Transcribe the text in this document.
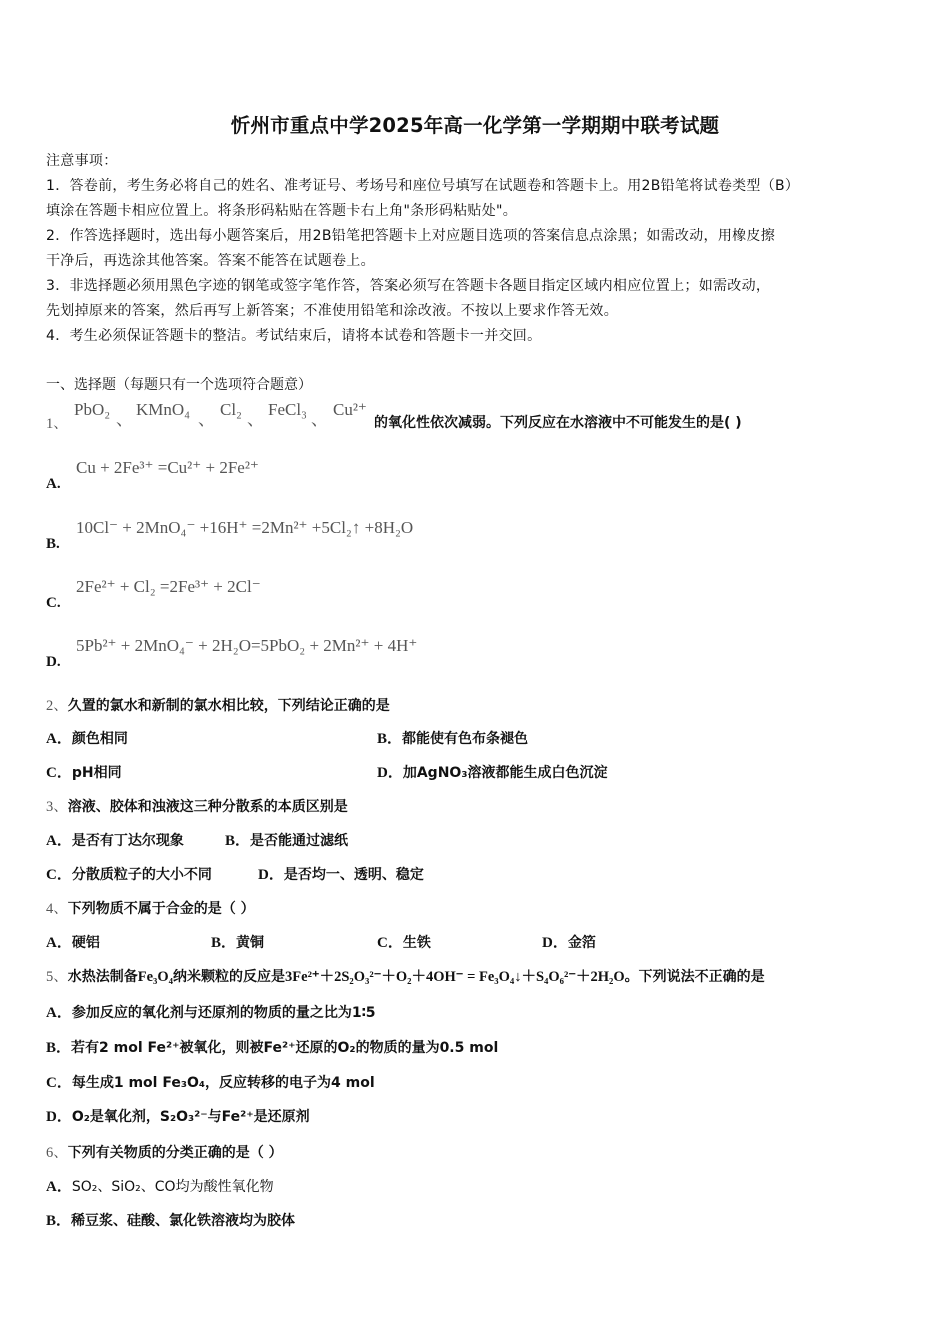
忻州市重点中学2025年高一化学第一学期期中联考试题
注意事项：
1．答卷前，考生务必将自己的姓名、准考证号、考场号和座位号填写在试题卷和答题卡上。用2B铅笔将试卷类型（B）
填涂在答题卡相应位置上。将条形码粘贴在答题卡右上角"条形码粘贴处"。
2．作答选择题时，选出每小题答案后，用2B铅笔把答题卡上对应题目选项的答案信息点涂黑；如需改动，用橡皮擦
干净后，再选涂其他答案。答案不能答在试题卷上。
3．非选择题必须用黑色字迹的钢笔或签字笔作答，答案必须写在答题卡各题目指定区域内相应位置上；如需改动，
先划掉原来的答案，然后再写上新答案；不准使用铅笔和涂改液。不按以上要求作答无效。
4．考生必须保证答题卡的整洁。考试结束后，请将本试卷和答题卡一并交回。
一、选择题（每题只有一个选项符合题意）
1、
PbO₂
、
KMnO₄
、
Cl₂
、
FeCl₃
、
Cu²⁺
的氧化性依次减弱。下列反应在水溶液中不可能发生的是( )
A.
Cu + 2Fe³⁺ =Cu²⁺ + 2Fe²⁺
B.
10Cl⁻ + 2MnO₄⁻ +16H⁺ =2Mn²⁺ +5Cl₂↑ +8H₂O
C.
2Fe²⁺ + Cl₂ =2Fe³⁺ + 2Cl⁻
D.
5Pb²⁺ + 2MnO₄⁻ + 2H₂O=5PbO₂ + 2Mn²⁺ + 4H⁺
2、久置的氯水和新制的氯水相比较，下列结论正确的是
A．颜色相同	B．都能使有色布条褪色
C．pH相同	D．加AgNO₃溶液都能生成白色沉淀
3、溶液、胶体和浊液这三种分散系的本质区别是
A．是否有丁达尔现象	B．是否能通过滤纸
C．分散质粒子的大小不同	D．是否均一、透明、稳定
4、下列物质不属于合金的是（ ）
A．硬铝	B．黄铜	C．生铁	D．金箔
5、水热法制备Fe₃O₄纳米颗粒的反应是3Fe²⁺＋2S₂O₃²⁻＋O₂＋4OH⁻ = Fe₃O₄↓＋S₄O₆²⁻＋2H₂O。下列说法不正确的是
A．参加反应的氧化剂与还原剂的物质的量之比为1∶5
B．若有2 mol Fe²⁺被氧化，则被Fe²⁺还原的O₂的物质的量为0.5 mol
C．每生成1 mol Fe₃O₄，反应转移的电子为4 mol
D．O₂是氧化剂，S₂O₃²⁻与Fe²⁺是还原剂
6、下列有关物质的分类正确的是（ ）
A．SO₂、SiO₂、CO均为酸性氧化物
B．稀豆浆、硅酸、氯化铁溶液均为胶体
